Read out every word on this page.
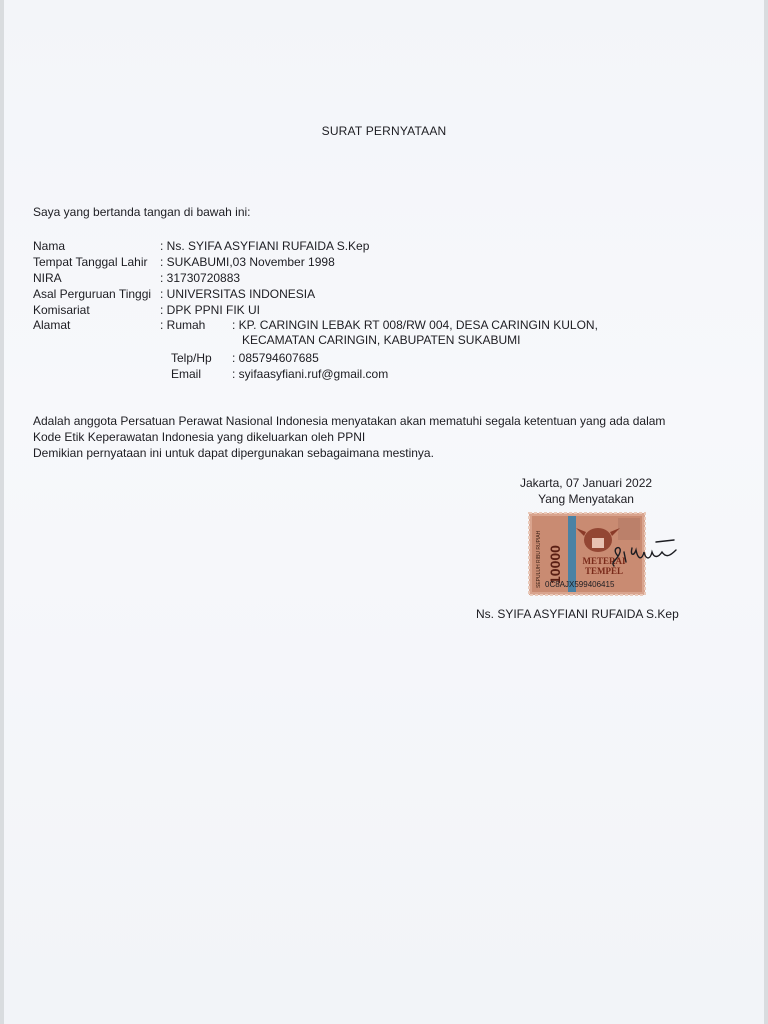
SURAT PERNYATAAN
Saya yang bertanda tangan di bawah ini:
Nama	: Ns. SYIFA ASYFIANI RUFAIDA S.Kep
Tempat Tanggal Lahir : SUKABUMI,03 November 1998
NIRA	: 31730720883
Asal Perguruan Tinggi : UNIVERSITAS INDONESIA
Komisariat	: DPK PPNI FIK UI
Alamat	: Rumah : KP. CARINGIN LEBAK RT 008/RW 004, DESA CARINGIN KULON,
KECAMATAN CARINGIN, KABUPATEN SUKABUMI
Telp/Hp : 085794607685
Email	: syifaasyfiani.ruf@gmail.com
Adalah anggota Persatuan Perawat Nasional Indonesia menyatakan akan mematuhi segala ketentuan yang ada dalam
Kode Etik Keperawatan Indonesia yang dikeluarkan oleh PPNI
Demikian pernyataan ini untuk dapat dipergunakan sebagaimana mestinya.
Jakarta, 07 Januari 2022
Yang Menyatakan
10000
SEPULUH RIBU RUPIAH	METERAI
TEMPEL
0C8AJX599406415
Ns. SYIFA ASYFIANI RUFAIDA S.Kep
